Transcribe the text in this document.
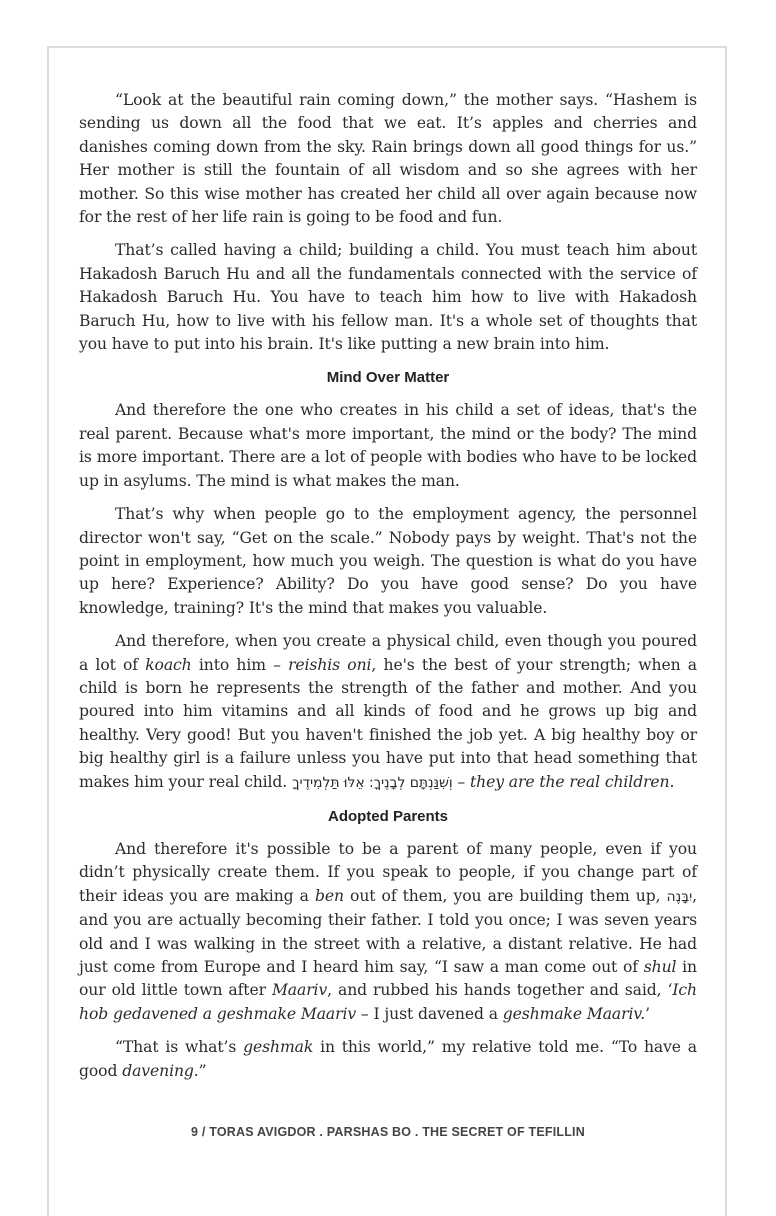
“Look at the beautiful rain coming down,” the mother says. “Hashem is sending us down all the food that we eat. It’s apples and cherries and danishes coming down from the sky. Rain brings down all good things for us.” Her mother is still the fountain of all wisdom and so she agrees with her mother. So this wise mother has created her child all over again because now for the rest of her life rain is going to be food and fun.

That’s called having a child; building a child. You must teach him about Hakadosh Baruch Hu and all the fundamentals connected with the service of Hakadosh Baruch Hu. You have to teach him how to live with Hakadosh Baruch Hu, how to live with his fellow man. It's a whole set of thoughts that you have to put into his brain. It's like putting a new brain into him.

Mind Over Matter

And therefore the one who creates in his child a set of ideas, that's the real parent. Because what's more important, the mind or the body? The mind is more important. There are a lot of people with bodies who have to be locked up in asylums. The mind is what makes the man.

That’s why when people go to the employment agency, the personnel director won't say, “Get on the scale.” Nobody pays by weight. That's not the point in employment, how much you weigh. The question is what do you have up here? Experience? Ability? Do you have good sense? Do you have knowledge, training? It's the mind that makes you valuable.

And therefore, when you create a physical child, even though you poured a lot of koach into him – reishis oni, he's the best of your strength; when a child is born he represents the strength of the father and mother. And you poured into him vitamins and all kinds of food and he grows up big and healthy. Very good! But you haven't finished the job yet. A big healthy boy or big healthy girl is a failure unless you have put into that head something that makes him your real child. וְשִׁנַּנְתָּם לְבָנֶיךָ: אֵלּוּ תַּלְמִידֶיךָ – they are the real children.

Adopted Parents

And therefore it's possible to be a parent of many people, even if you didn’t physically create them. If you speak to people, if you change part of their ideas you are making a ben out of them, you are building them up, יִבָּנֶה, and you are actually becoming their father. I told you once; I was seven years old and I was walking in the street with a relative, a distant relative. He had just come from Europe and I heard him say, “I saw a man come out of shul in our old little town after Maariv, and rubbed his hands together and said, ‘Ich hob gedavened a geshmake Maariv – I just davened a geshmake Maariv.’

“That is what’s geshmak in this world,” my relative told me. “To have a good davening.”

9 / TORAS AVIGDOR . PARSHAS BO . THE SECRET OF TEFILLIN
